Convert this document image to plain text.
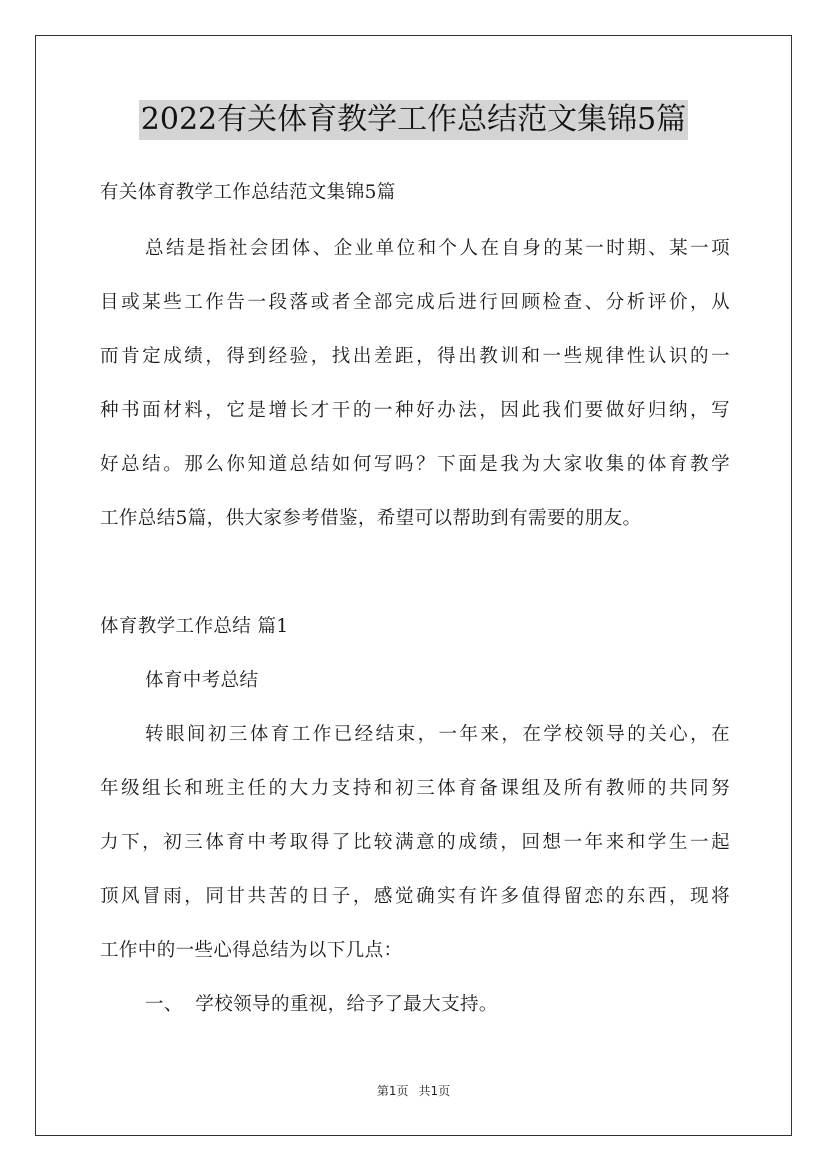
2022有关体育教学工作总结范文集锦5篇
有关体育教学工作总结范文集锦5篇
总结是指社会团体、企业单位和个人在自身的某一时期、某一项
目或某些工作告一段落或者全部完成后进行回顾检查、分析评价，从
而肯定成绩，得到经验，找出差距，得出教训和一些规律性认识的一
种书面材料，它是增长才干的一种好办法，因此我们要做好归纳，写
好总结。那么你知道总结如何写吗？下面是我为大家收集的体育教学
工作总结5篇，供大家参考借鉴，希望可以帮助到有需要的朋友。
体育教学工作总结 篇1
体育中考总结
转眼间初三体育工作已经结束，一年来，在学校领导的关心，在
年级组长和班主任的大力支持和初三体育备课组及所有教师的共同努
力下，初三体育中考取得了比较满意的成绩，回想一年来和学生一起
顶风冒雨，同甘共苦的日子，感觉确实有许多值得留恋的东西，现将
工作中的一些心得总结为以下几点：
一、  学校领导的重视，给予了最大支持。
第1页 共1页
